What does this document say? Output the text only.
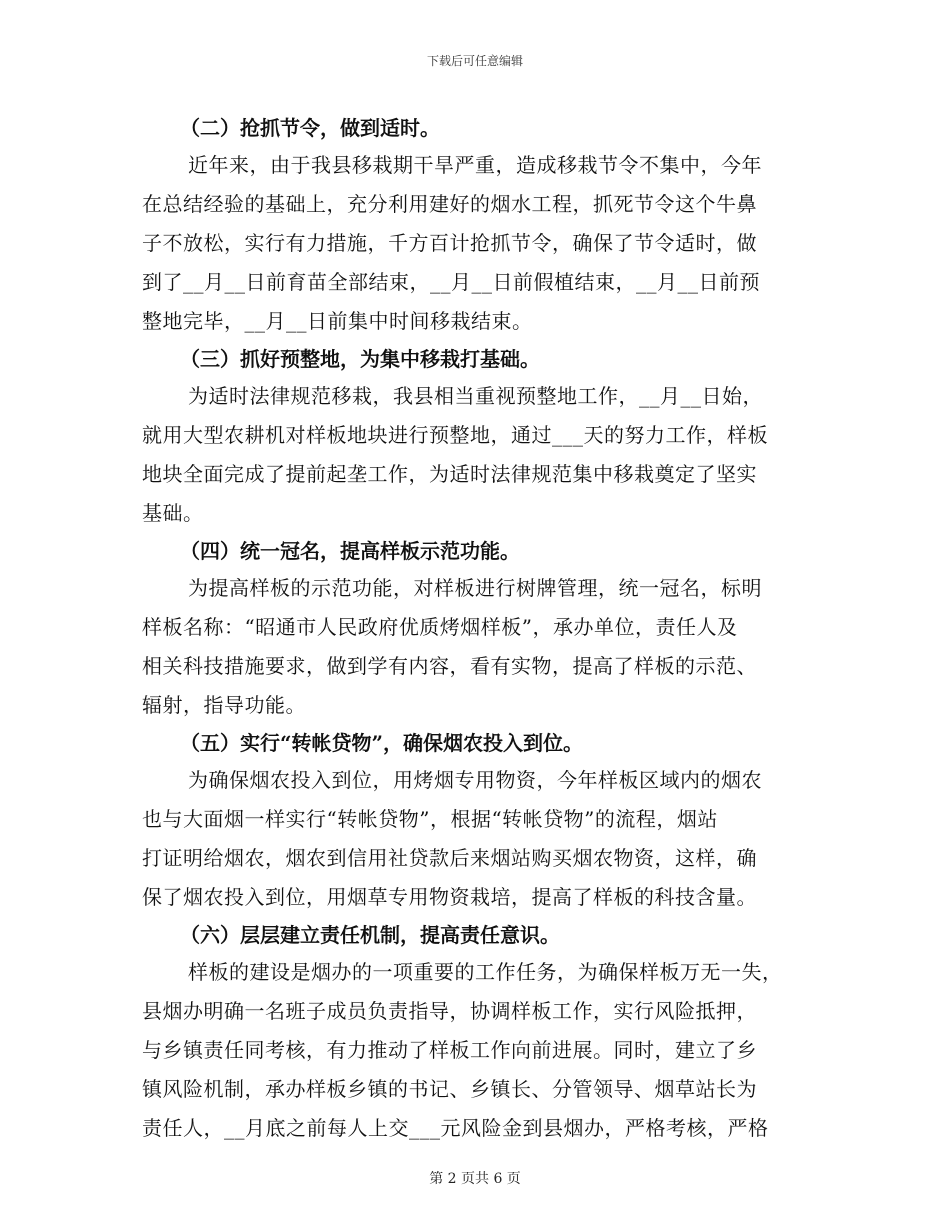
下载后可任意编辑
（二）抢抓节令，做到适时。
近年来，由于我县移栽期干旱严重，造成移栽节令不集中，今年
在总结经验的基础上，充分利用建好的烟水工程，抓死节令这个牛鼻
子不放松，实行有力措施，千方百计抢抓节令，确保了节令适时，做
到了__月__日前育苗全部结束，__月__日前假植结束，__月__日前预
整地完毕，__月__日前集中时间移栽结束。
（三）抓好预整地，为集中移栽打基础。
为适时法律规范移栽，我县相当重视预整地工作，__月__日始，
就用大型农耕机对样板地块进行预整地，通过___天的努力工作，样板
地块全面完成了提前起垄工作，为适时法律规范集中移栽奠定了坚实
基础。
（四）统一冠名，提高样板示范功能。
为提高样板的示范功能，对样板进行树牌管理，统一冠名，标明
样板名称：“昭通市人民政府优质烤烟样板”，承办单位，责任人及
相关科技措施要求，做到学有内容，看有实物，提高了样板的示范、
辐射，指导功能。
（五）实行“转帐贷物”，确保烟农投入到位。
为确保烟农投入到位，用烤烟专用物资，今年样板区域内的烟农
也与大面烟一样实行“转帐贷物”，根据“转帐贷物”的流程，烟站
打证明给烟农，烟农到信用社贷款后来烟站购买烟农物资，这样，确
保了烟农投入到位，用烟草专用物资栽培，提高了样板的科技含量。
（六）层层建立责任机制，提高责任意识。
样板的建设是烟办的一项重要的工作任务，为确保样板万无一失，
县烟办明确一名班子成员负责指导，协调样板工作，实行风险抵押，
与乡镇责任同考核，有力推动了样板工作向前进展。同时，建立了乡
镇风险机制，承办样板乡镇的书记、乡镇长、分管领导、烟草站长为
责任人，__月底之前每人上交___元风险金到县烟办，严格考核，严格
第 2 页共 6 页
